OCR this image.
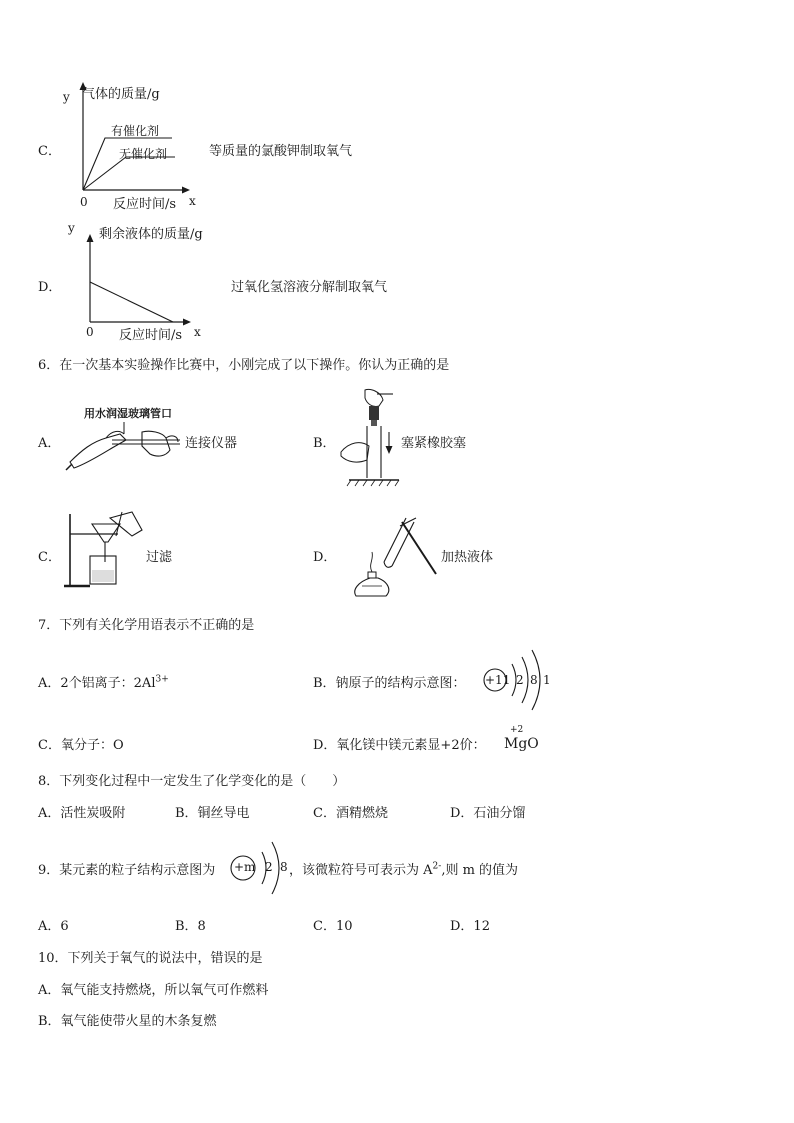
C．
y 气体的质量/g
有催化剂
无催化剂
0 反应时间/s x
等质量的氯酸钾制取氧气
D．
y 剩余液体的质量/g
0 反应时间/s x
过氧化氢溶液分解制取氧气
6．在一次基本实验操作比赛中，小刚完成了以下操作。你认为正确的是
A．
用水润湿玻璃管口
连接仪器	B．	塞紧橡胶塞
C．	过滤	D．	加热液体
7．下列有关化学用语表示不正确的是
A．2个铝离子：$2Al^{3+}$	B．钠原子的结构示意图： +11 2 8 1
C．氧分子：O	D．氧化镁中镁元素显+2价：
+2
MgO
8．下列变化过程中一定发生了化学变化的是（　　）
A．活性炭吸附	B．铜丝导电	C．酒精燃烧	D．石油分馏
9．某元素的粒子结构示意图为 +m 2 8 ，该微粒符号可表示为 $A^{2-}$,则 m 的值为
A．6	B．8	C．10	D．12
10．下列关于氧气的说法中，错误的是
A．氧气能支持燃烧，所以氧气可作燃料
B．氧气能使带火星的木条复燃
